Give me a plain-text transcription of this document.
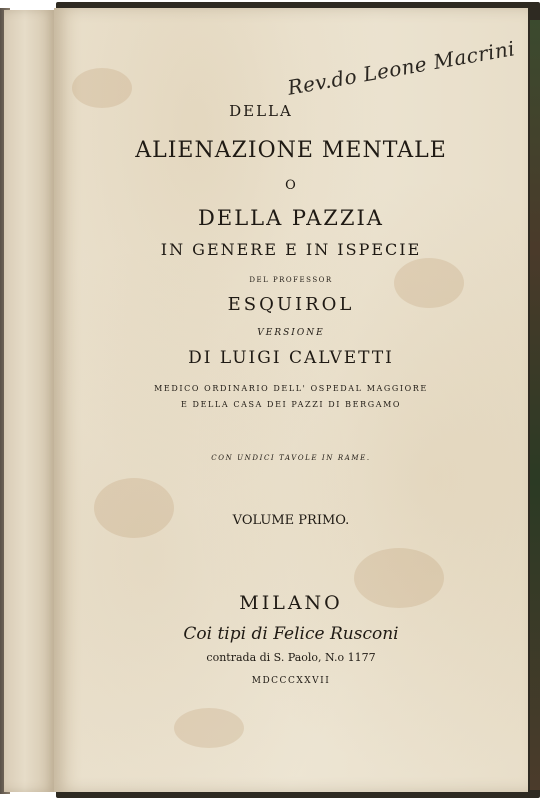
Rev.do Leone Macrini
DELLA
ALIENAZIONE MENTALE
O
DELLA PAZZIA
IN GENERE E IN ISPECIE
DEL PROFESSOR
ESQUIROL
VERSIONE
DI LUIGI CALVETTI
MEDICO ORDINARIO DELL' OSPEDAL MAGGIORE
E DELLA CASA DEI PAZZI DI BERGAMO
CON UNDICI TAVOLE IN RAME.
VOLUME PRIMO.
MILANO
Coi tipi di Felice Rusconi
contrada di S. Paolo, N.o 1177
MDCCCXXVII
